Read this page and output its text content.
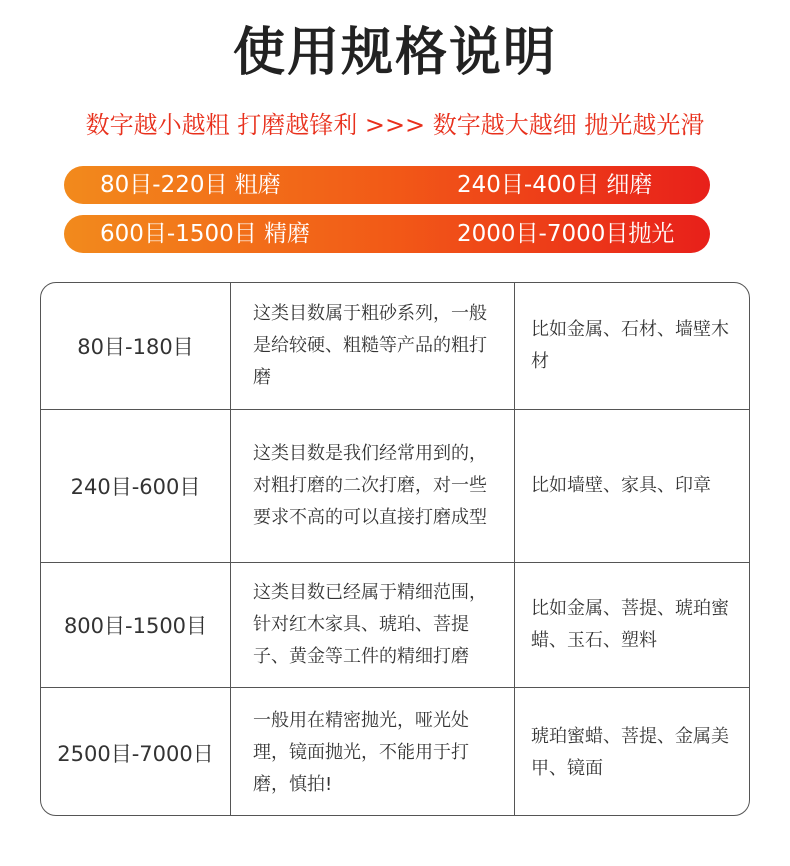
使用规格说明
数字越小越粗 打磨越锋利 >>> 数字越大越细 抛光越光滑
80目-220目 粗磨	240目-400目 细磨
600目-1500目 精磨	2000目-7000目抛光
80目-180目
这类目数属于粗砂系列，一般是给较硬、粗糙等产品的粗打磨
比如金属、石材、墙壁木材
240目-600目
这类目数是我们经常用到的，对粗打磨的二次打磨，对一些要求不高的可以直接打磨成型
比如墙壁、家具、印章
800目-1500目
这类目数已经属于精细范围，针对红木家具、琥珀、菩提子、黄金等工件的精细打磨
比如金属、菩提、琥珀蜜蜡、玉石、塑料
2500目-7000日
一般用在精密抛光，哑光处理，镜面抛光，不能用于打磨，慎拍!
琥珀蜜蜡、菩提、金属美甲、镜面
